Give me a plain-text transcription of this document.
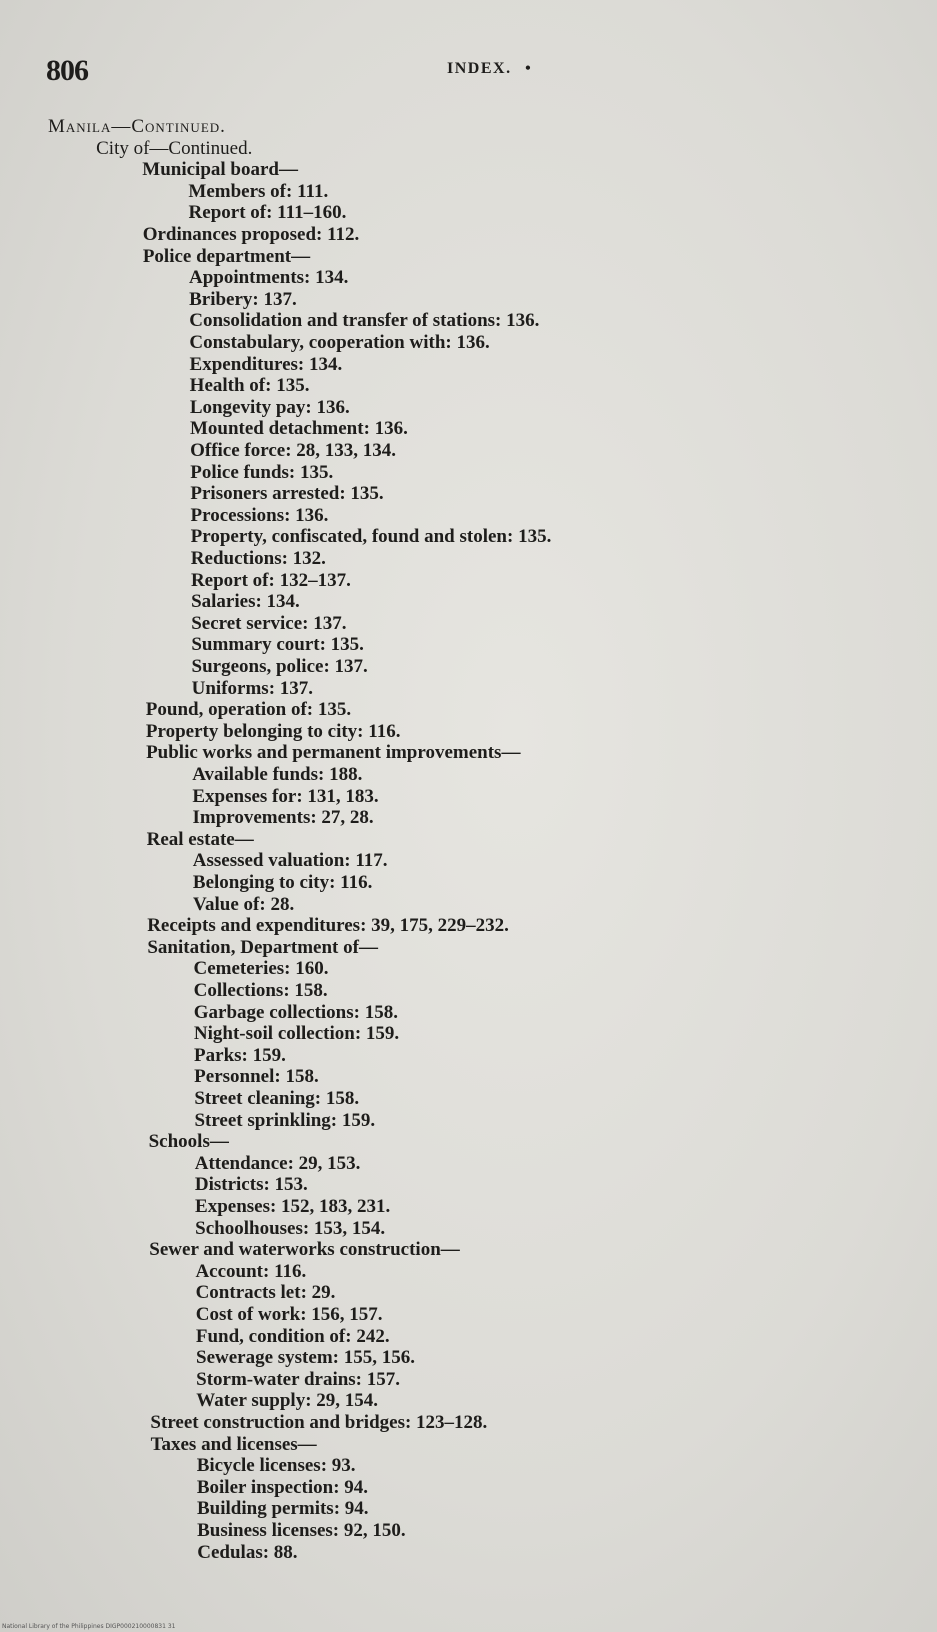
806	INDEX. •
Manila—Continued.
City of—Continued.
Municipal board—
Members of: 111.
Report of: 111–160.
Ordinances proposed: 112.
Police department—
Appointments: 134.
Bribery: 137.
Consolidation and transfer of stations: 136.
Constabulary, cooperation with: 136.
Expenditures: 134.
Health of: 135.
Longevity pay: 136.
Mounted detachment: 136.
Office force: 28, 133, 134.
Police funds: 135.
Prisoners arrested: 135.
Processions: 136.
Property, confiscated, found and stolen: 135.
Reductions: 132.
Report of: 132–137.
Salaries: 134.
Secret service: 137.
Summary court: 135.
Surgeons, police: 137.
Uniforms: 137.
Pound, operation of: 135.
Property belonging to city: 116.
Public works and permanent improvements—
Available funds: 188.
Expenses for: 131, 183.
Improvements: 27, 28.
Real estate—
Assessed valuation: 117.
Belonging to city: 116.
Value of: 28.
Receipts and expenditures: 39, 175, 229–232.
Sanitation, Department of—
Cemeteries: 160.
Collections: 158.
Garbage collections: 158.
Night-soil collection: 159.
Parks: 159.
Personnel: 158.
Street cleaning: 158.
Street sprinkling: 159.
Schools—
Attendance: 29, 153.
Districts: 153.
Expenses: 152, 183, 231.
Schoolhouses: 153, 154.
Sewer and waterworks construction—
Account: 116.
Contracts let: 29.
Cost of work: 156, 157.
Fund, condition of: 242.
Sewerage system: 155, 156.
Storm-water drains: 157.
Water supply: 29, 154.
Street construction and bridges: 123–128.
Taxes and licenses—
Bicycle licenses: 93.
Boiler inspection: 94.
Building permits: 94.
Business licenses: 92, 150.
Cedulas: 88.
National Library of the Philippines DIGP000210000831 31
